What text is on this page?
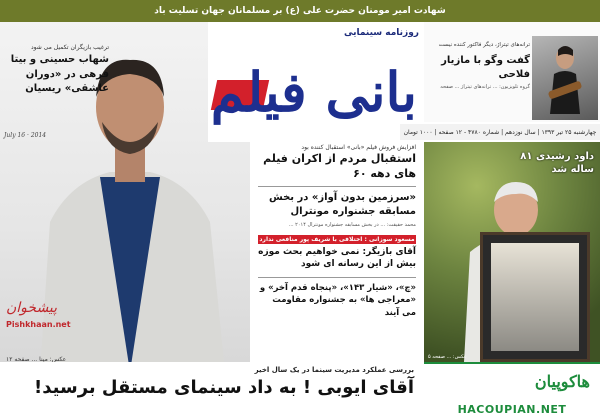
شهادت امیر مومنان حضرت علی (ع) بر مسلمانان جهان تسلیت باد
پیشخوان
Pishkhaan.net
عکس: مینا ... صفحه ۱۲
ترغیب بازیگران تکمیل می شود
شهاب حسینی و بیتا فرهی در «دوران عاشقی» ریسیان
July 16 · 2014
روزنامه سینمایی
بانی فیلم
ترانه‌های تیتراژ، دیگر فاکتور کننده نیست
گفت وگو با مازیار فلاحی
گروه تلویزیون: ... ترانه‌های تیتراژ ... صفحه
چهارشنبه ۲۵ تیر ۱۳۹۳ | سال نوزدهم | شماره ۴۷۸۰ - ۱۲ صفحه | ۱۰۰۰ تومان
افزایش فروش فیلم «بانی» استقبال کننده بود
استقبال مردم از اکران فیلم های دهه ۶۰
«سرزمین بدون آواز» در بخش مسابقه جشنواره مونترال
محمد حقیقت: ... در بخش مسابقه جشنواره مونترال ۲۰۱۴ ...
مسعود سوزانی : اختلافی با شریف پور منافعی ندارد
آقای بازیگر: نمی خواهیم بحث موزه بیش از این رسانه ای شود
«چ»، «شیار ۱۴۳»، «پنجاه قدم آخر» و «معراجی ها» به جشنواره مقاومت می آیند
داود رشیدی ۸۱ ساله شد
عکس: ... صفحه ۵
بررسی عملکرد مدیریت سینما در یک سال اخیر
آقای ایوبی ! به داد سینمای مستقل برسید!	هاکوپیان
HACOUPIAN.NET
